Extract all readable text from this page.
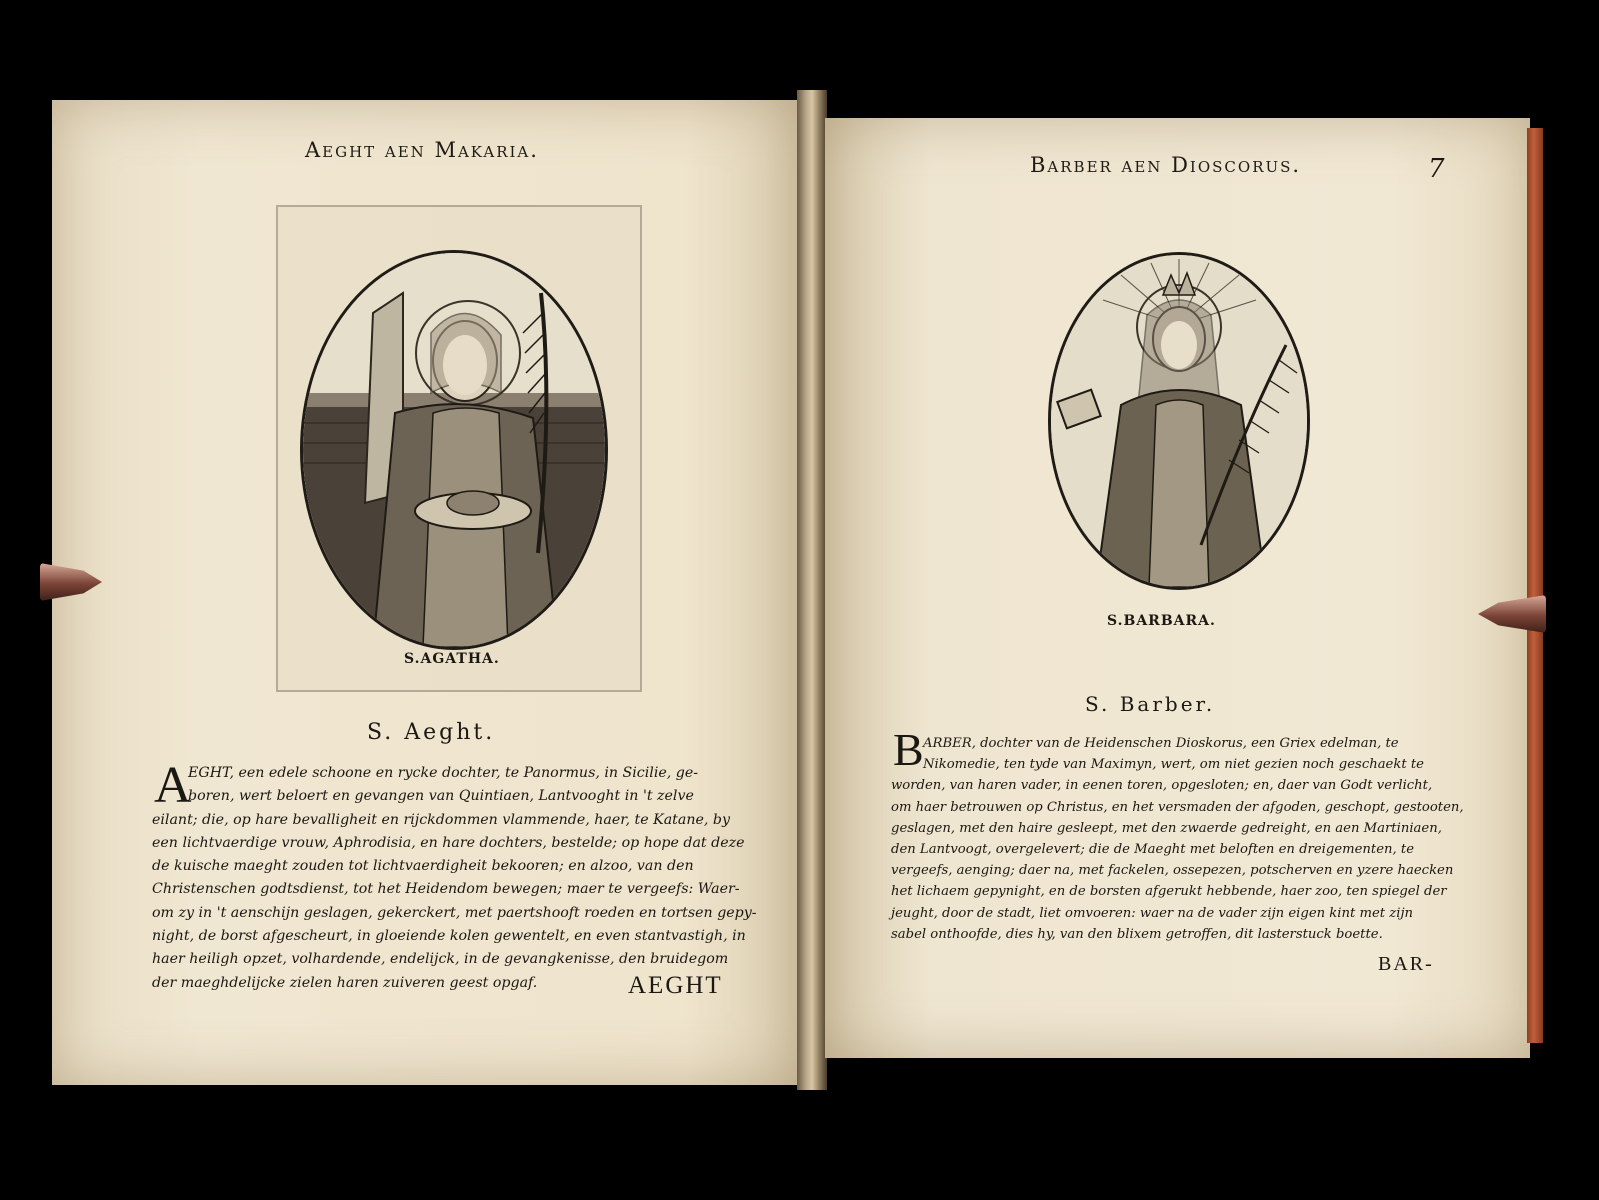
Aeght aen Makaria.
S.AGATHA.
S. Aeght.
A
EGHT, een edele schoone en rycke dochter, te Panormus, in Sicilie, ge-
boren, wert beloert en gevangen van Quintiaen, Lantvooght in 't zelve
eilant; die, op hare bevalligheit en rijckdommen vlammende, haer, te Katane, by
een lichtvaerdige vrouw, Aphrodisia, en hare dochters, bestelde; op hope dat deze
de kuische maeght zouden tot lichtvaerdigheit bekooren; en alzoo, van den
Christenschen godtsdienst, tot het Heidendom bewegen; maer te vergeefs: Waer-
om zy in 't aenschijn geslagen, gekerckert, met paertshooft roeden en tortsen gepy-
night, de borst afgescheurt, in gloeiende kolen gewentelt, en even stantvastigh, in
haer heiligh opzet, volhardende, endelijck, in de gevangkenisse, den bruidegom
der maeghdelijcke zielen haren zuiveren geest opgaf.	AEGHT
Barber aen Dioscorus.	7
S.BARBARA.
S. Barber.
B ARBER, dochter van de Heidenschen Dioskorus, een Griex edelman, te
Nikomedie, ten tyde van Maximyn, wert, om niet gezien noch geschaekt te
worden, van haren vader, in eenen toren, opgesloten; en, daer van Godt verlicht,
om haer betrouwen op Christus, en het versmaden der afgoden, geschopt, gestooten,
geslagen, met den haire gesleept, met den zwaerde gedreight, en aen Martiniaen,
den Lantvoogt, overgelevert; die de Maeght met beloften en dreigementen, te
vergeefs, aenging; daer na, met fackelen, ossepezen, potscherven en yzere haecken
het lichaem gepynight, en de borsten afgerukt hebbende, haer zoo, ten spiegel der
jeught, door de stadt, liet omvoeren: waer na de vader zijn eigen kint met zijn
sabel onthoofde, dies hy, van den blixem getroffen, dit lasterstuck boette.
BAR-
